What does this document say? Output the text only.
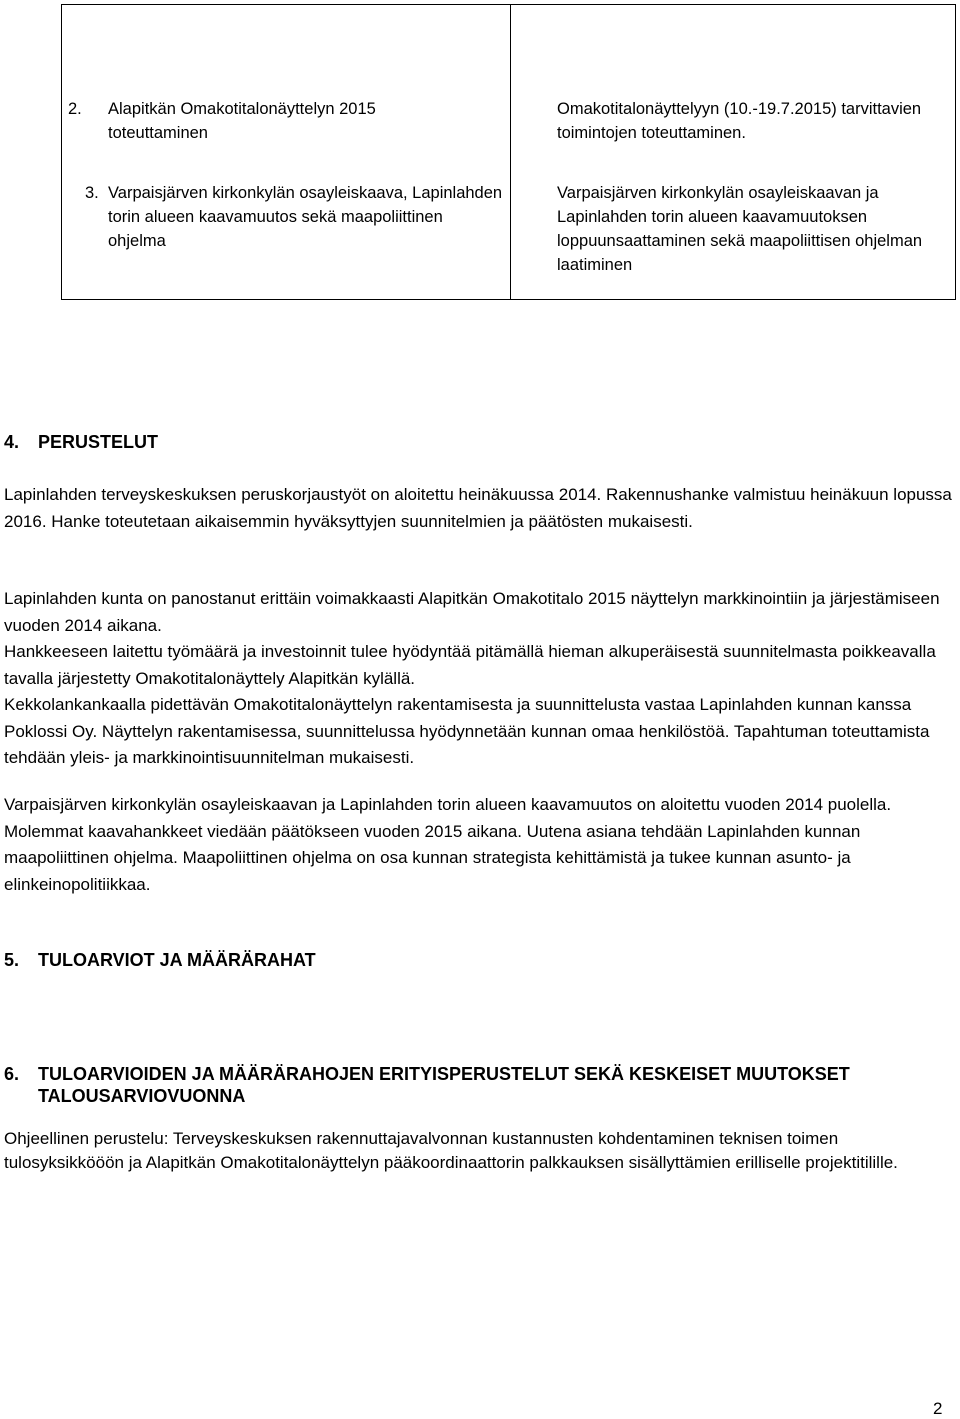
2. Alapitkän Omakotitalonäyttelyn 2015 toteuttaminen
Omakotitalonäyttelyyn (10.-19.7.2015) tarvittavien toimintojen toteuttaminen.
3. Varpaisjärven kirkonkylän osayleiskaava, Lapinlahden torin alueen kaavamuutos sekä maapoliittinen ohjelma
Varpaisjärven kirkonkylän osayleiskaavan ja Lapinlahden torin alueen kaavamuutoksen loppuunsaattaminen sekä maapoliittisen ohjelman laatiminen
4. PERUSTELUT

Lapinlahden terveyskeskuksen peruskorjaustyöt on aloitettu heinäkuussa 2014. Rakennushanke valmistuu heinäkuun lopussa 2016. Hanke toteutetaan aikaisemmin hyväksyttyjen suunnitelmien ja päätösten mukaisesti.

Lapinlahden kunta on panostanut erittäin voimakkaasti Alapitkän Omakotitalo 2015 näyttelyn markkinointiin ja järjestämiseen vuoden 2014 aikana.

Hankkeeseen laitettu työmäärä ja investoinnit tulee hyödyntää pitämällä hieman alkuperäisestä suunnitelmasta poikkeavalla tavalla järjestetty Omakotitalonäyttely Alapitkän kylällä.

Kekkolankankaalla pidettävän Omakotitalonäyttelyn rakentamisesta ja suunnittelusta vastaa Lapinlahden kunnan kanssa Poklossi Oy. Näyttelyn rakentamisessa, suunnittelussa hyödynnetään kunnan omaa henkilöstöä. Tapahtuman toteuttamista tehdään yleis- ja markkinointisuunnitelman mukaisesti.

Varpaisjärven kirkonkylän osayleiskaavan ja Lapinlahden torin alueen kaavamuutos on aloitettu vuoden 2014 puolella. Molemmat kaavahankkeet viedään päätökseen vuoden 2015 aikana. Uutena asiana tehdään Lapinlahden kunnan maapoliittinen ohjelma. Maapoliittinen ohjelma on osa kunnan strategista kehittämistä ja tukee kunnan asunto- ja elinkeinopolitiikkaa.

5. TULOARVIOT JA MÄÄRÄRAHAT
6. TULOARVIOIDEN JA MÄÄRÄRAHOJEN ERITYISPERUSTELUT SEKÄ KESKEISET MUUTOKSET TALOUSARVIOVUONNA

Ohjeellinen perustelu: Terveyskeskuksen rakennuttajavalvonnan kustannusten kohdentaminen teknisen toimen tulosyksikkööön ja Alapitkän Omakotitalonäyttelyn pääkoordinaattorin palkkauksen sisällyttämien erilliselle projektitilille.

2
